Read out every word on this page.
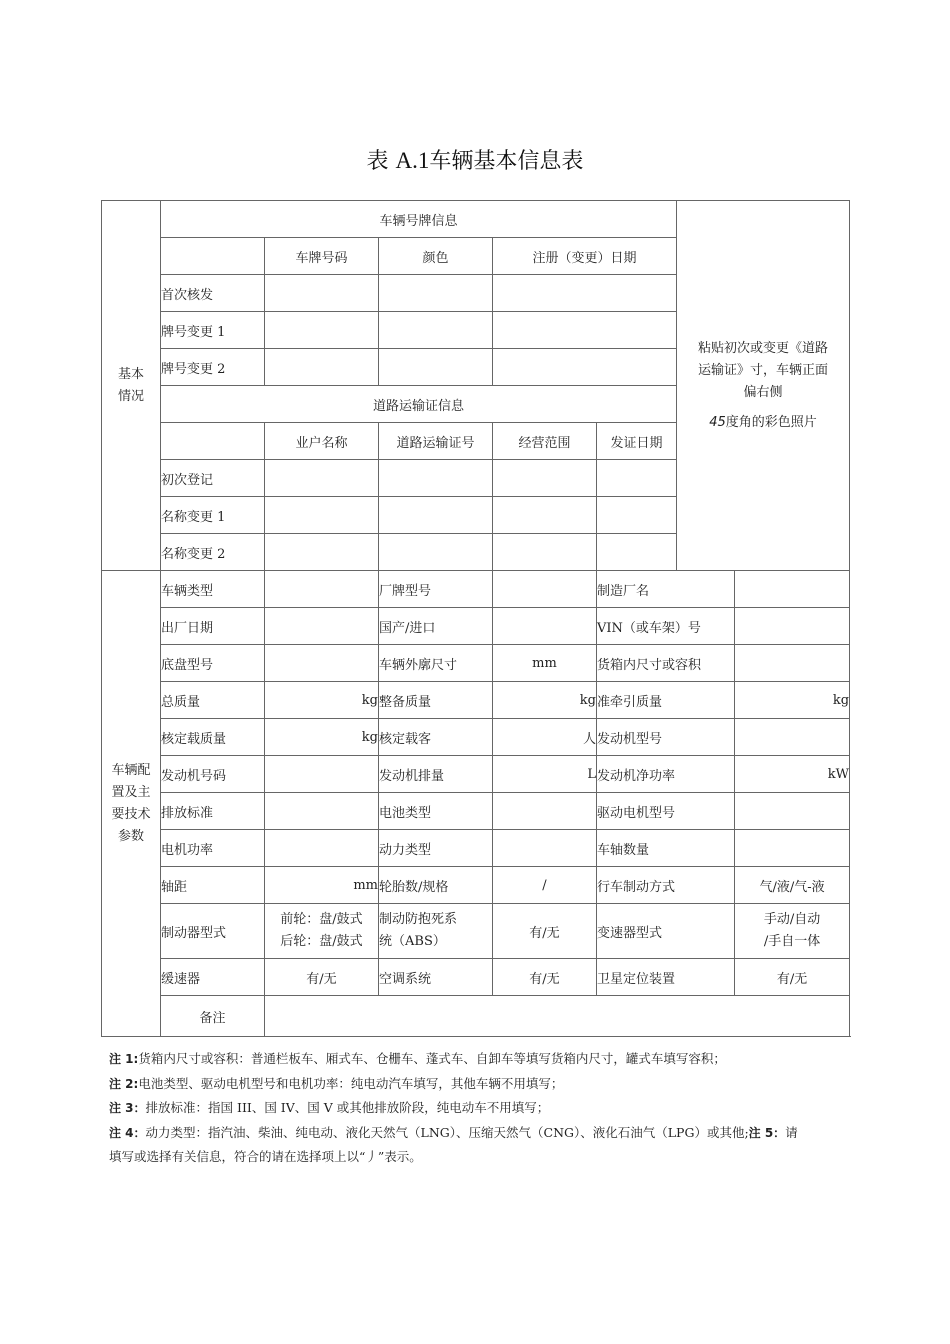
表 A.1车辆基本信息表
基本
情况	车辆号牌信息					粘贴初次或变更《道路
运输证》寸，车辆正面
偏右侧
45度角的彩色照片	

		车牌号码	颜色	注册（变更）日期			
	首次核发						
	牌号变更 1						
	牌号变更 2						
	道路运输证信息						
		业户名称	道路运输证号	经营范围	发证日期		
	初次登记						
	名称变更 1						
	名称变更 2						

车辆配
置及主
要技术
参数	车辆类型		厂牌型号		制造厂名		
	出厂日期		国产/进口		VIN（或车架）号		
	底盘型号		车辆外廓尺寸	mm	货箱内尺寸或容积		
	总质量	kg	整备质量	kg	准牵引质量		kg
	核定载质量	kg	核定载客	人	发动机型号		
	发动机号码		发动机排量	L	发动机净功率		kW
	排放标准		电池类型		驱动电机型号		
	电机功率		动力类型		车轴数量		
	轴距	mm	轮胎数/规格	/	行车制动方式		气/液/气-液
	制动器型式	前轮：盘/鼓式
后轮：盘/鼓式	制动防抱死系
统（ABS）	有/无	变速器型式		手动/自动
/手自一体

	缓速器	有/无	空调系统	有/无	卫星定位装置		有/无
	备注						

注 1:货箱内尺寸或容积：普通栏板车、厢式车、仓栅车、蓬式车、自卸车等填写货箱内尺寸，罐式车填写容积；

注 2:电池类型、驱动电机型号和电机功率：纯电动汽车填写，其他车辆不用填写；

注 3：排放标准：指国 III、国 IV、国 V 或其他排放阶段，纯电动车不用填写；

注 4：动力类型：指汽油、柴油、纯电动、液化天然气（LNG）、压缩天然气（CNG）、液化石油气（LPG）或其他;注 5：请
填写或选择有关信息，符合的请在选择项上以“丿”表示。
